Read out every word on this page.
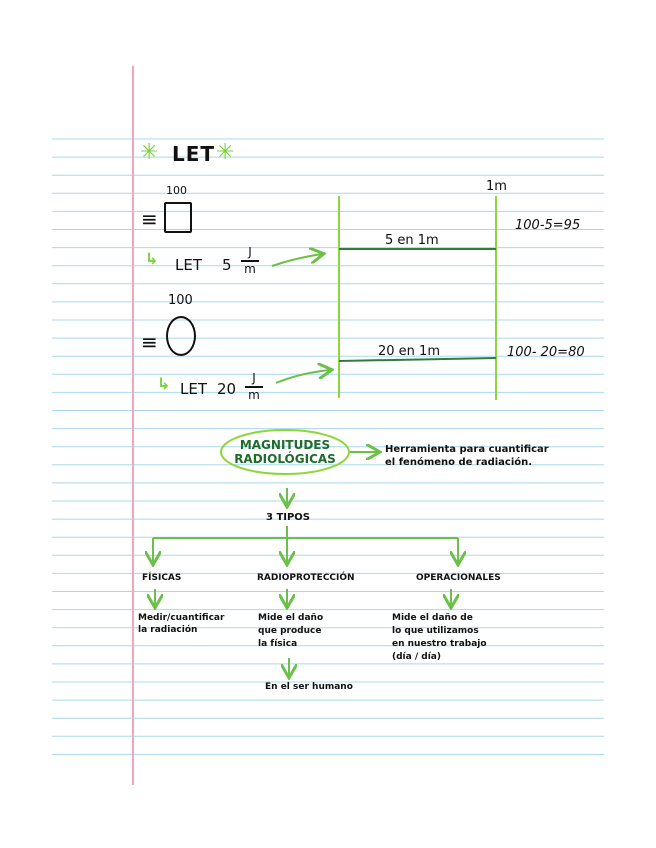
✳ LET ✳
100
≡
↳ LET 5
J
m
100
≡
↳ LET 20
J
m
1m
5 en 1m
20 en 1m
100-5=95
100- 20=80
MAGNITUDES
RADIOLÓGICAS
Herramienta para cuantificar
el fenómeno de radiación.
3 TIPOS
FÍSICAS	RADIOPROTECCIÓN	OPERACIONALES
Medir/cuantificar
la radiación
Mide el daño
que produce
la física
En el ser humano
Mide el daño de
lo que utilizamos
en nuestro trabajo
(día / día)
